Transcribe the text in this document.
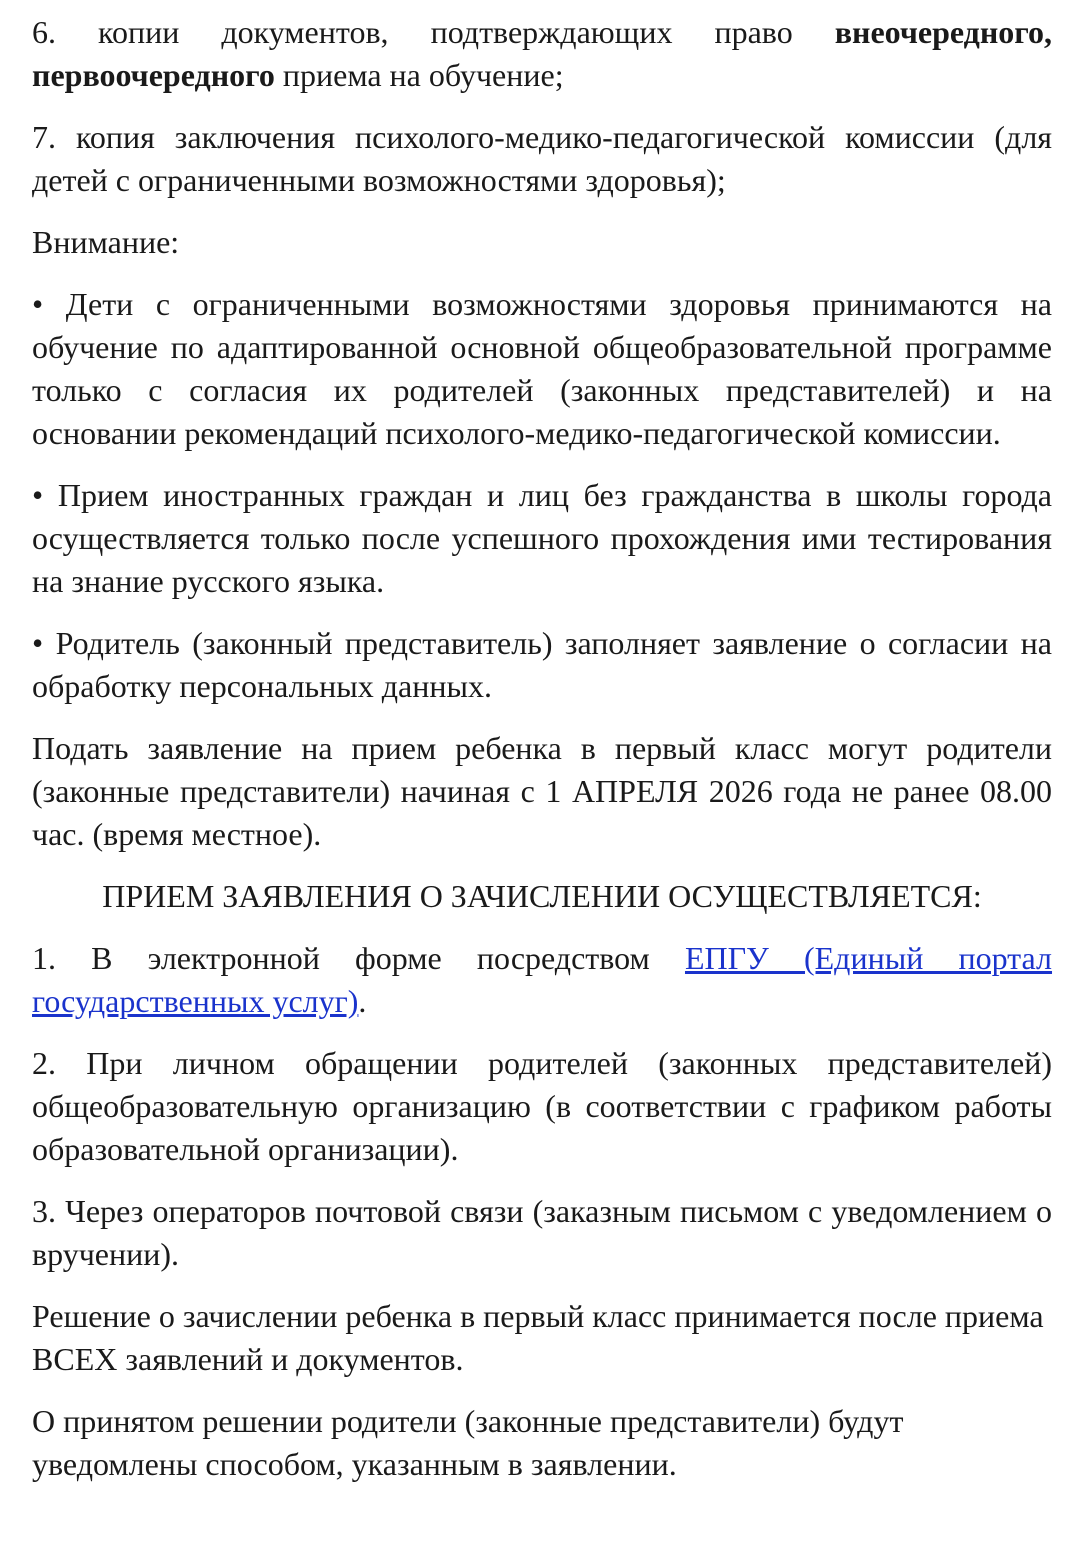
6. копии документов, подтверждающих право внеочередного, первоочередного приема на обучение;

7. копия заключения психолого-медико-педагогической комиссии (для детей с ограниченными возможностями здоровья);

Внимание:

• Дети с ограниченными возможностями здоровья принимаются на обучение по адаптированной основной общеобразовательной программе только с согласия их родителей (законных представителей) и на основании рекомендаций психолого-медико-педагогической комиссии.

• Прием иностранных граждан и лиц без гражданства в школы города осуществляется только после успешного прохождения ими тестирования на знание русского языка.

• Родитель (законный представитель) заполняет заявление о согласии на обработку персональных данных.

Подать заявление на прием ребенка в первый класс могут родители (законные представители) начиная с 1 АПРЕЛЯ 2026 года не ранее 08.00 час. (время местное).

ПРИЕМ ЗАЯВЛЕНИЯ О ЗАЧИСЛЕНИИ ОСУЩЕСТВЛЯЕТСЯ:

1. В электронной форме посредством ЕПГУ (Единый портал государственных услуг).

2. При личном обращении родителей (законных представителей) общеобразовательную организацию (в соответствии с графиком работы образовательной организации).

3. Через операторов почтовой связи (заказным письмом с уведомлением о вручении).

Решение о зачислении ребенка в первый класс принимается после приема ВСЕХ заявлений и документов.

О принятом решении родители (законные представители) будут уведомлены способом, указанным в заявлении.
